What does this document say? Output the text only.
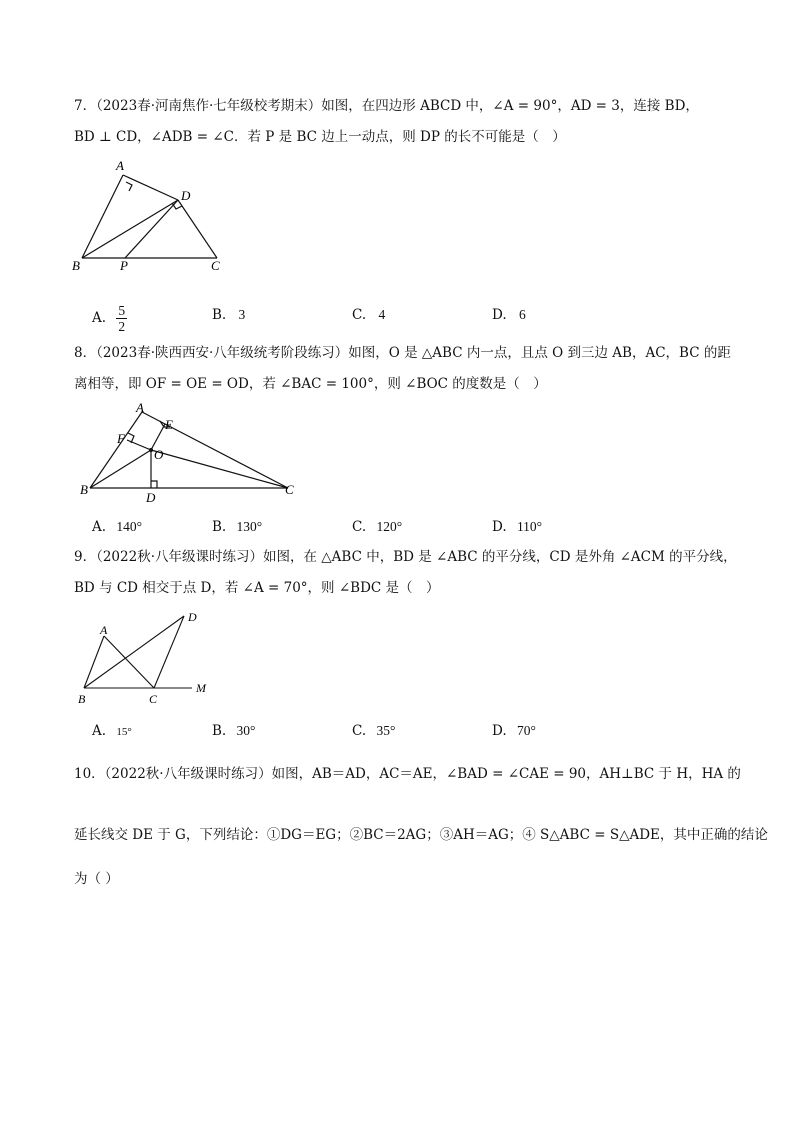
7．（2023春·河南焦作·七年级校考期末）如图，在四边形 ABCD 中，∠A = 90°，AD = 3，连接 BD，
BD ⊥ CD，∠ADB = ∠C．若 P 是 BC 边上一动点，则 DP 的长不可能是（　）
A
D
B	P	C
A. $\frac{5}{2}$	B. 3	C. 4	D. 6
8．（2023春·陕西西安·八年级统考阶段练习）如图，O 是 △ABC 内一点，且点 O 到三边 AB，AC，BC 的距
离相等，即 OF = OE = OD，若 ∠BAC = 100°，则 ∠BOC 的度数是（　）
A
E
F
O
B
D
C
A. 140°	B. 130°	C. 120°	D. 110°
9．（2022秋·八年级课时练习）如图，在 △ABC 中，BD 是 ∠ABC 的平分线，CD 是外角 ∠ACM 的平分线，
BD 与 CD 相交于点 D，若 ∠A = 70°，则 ∠BDC 是（　）
A
D
B	C
M
A. 15°	B. 30°	C. 35°	D. 70°
10．（2022秋·八年级课时练习）如图，AB＝AD，AC＝AE，∠BAD = ∠CAE = 90，AH⊥BC 于 H，HA 的
延长线交 DE 于 G，下列结论：①DG＝EG；②BC＝2AG；③AH＝AG；④ S△ABC = S△ADE，其中正确的结论
为（ ）
